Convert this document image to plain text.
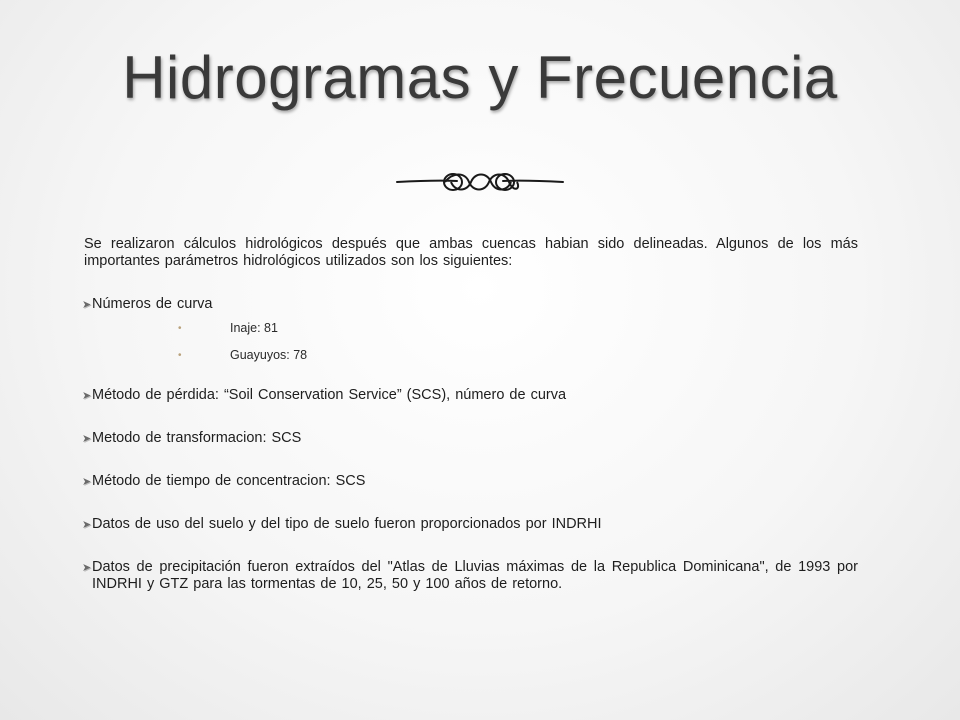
Hidrogramas y Frecuencia

Se realizaron cálculos hidrológicos después que ambas cuencas habian sido delineadas. Algunos de los más importantes parámetros hidrológicos utilizados son los siguientes:

➤ Números de curva
•	Inaje: 81
•	Guayuyos: 78
➤ Método de pérdida: “Soil Conservation Service” (SCS), número de curva
➤ Metodo de transformacion: SCS
➤ Método de tiempo de concentracion: SCS
➤ Datos de uso del suelo y del tipo de suelo fueron proporcionados por INDRHI
➤ Datos de precipitación fueron extraídos del "Atlas de Lluvias máximas de la Republica Dominicana", de 1993 por INDRHI y GTZ para las tormentas de 10, 25, 50 y 100 años de retorno.
